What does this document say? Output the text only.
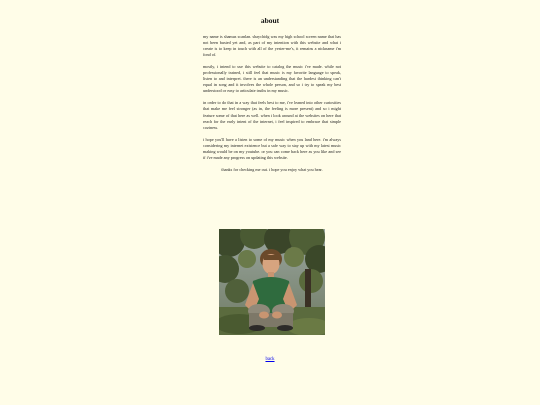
about

my name is shamus scanlan. shaychidg was my high school screen name that has not been busted yet and, as part of my intention with this website and what i create is to keep in touch with all of the yester-me's, it remains a nickname i'm fond of.

mostly, i intend to use this website to catalog the music i've made. while not professionally trained, i still feel that music is my favorite language to speak, listen to and interpret. there is an understanding that the hardest thinking can't equal in song and it involves the whole person, and so i try to speak my best understood or easy to articulate truths in my music.

in order to do that in a way that feels best to me, i've leaned into other curiosities that make me feel stronger (as in, the feeling is more present) and so i might feature some of that here as well. when i look around at the websites on here that reach for the early intent of the internet, i feel inspired to embrace that simple coziness.

i hope you'll have a listen to some of my music when you land here. i'm always considering my internet existence but a safe way to stay up with my latest music making would be on my youtube. or you can come back here as you like and see if i've made any progress on updating this website.

thanks for checking me out. i hope you enjoy what you hear.

back
